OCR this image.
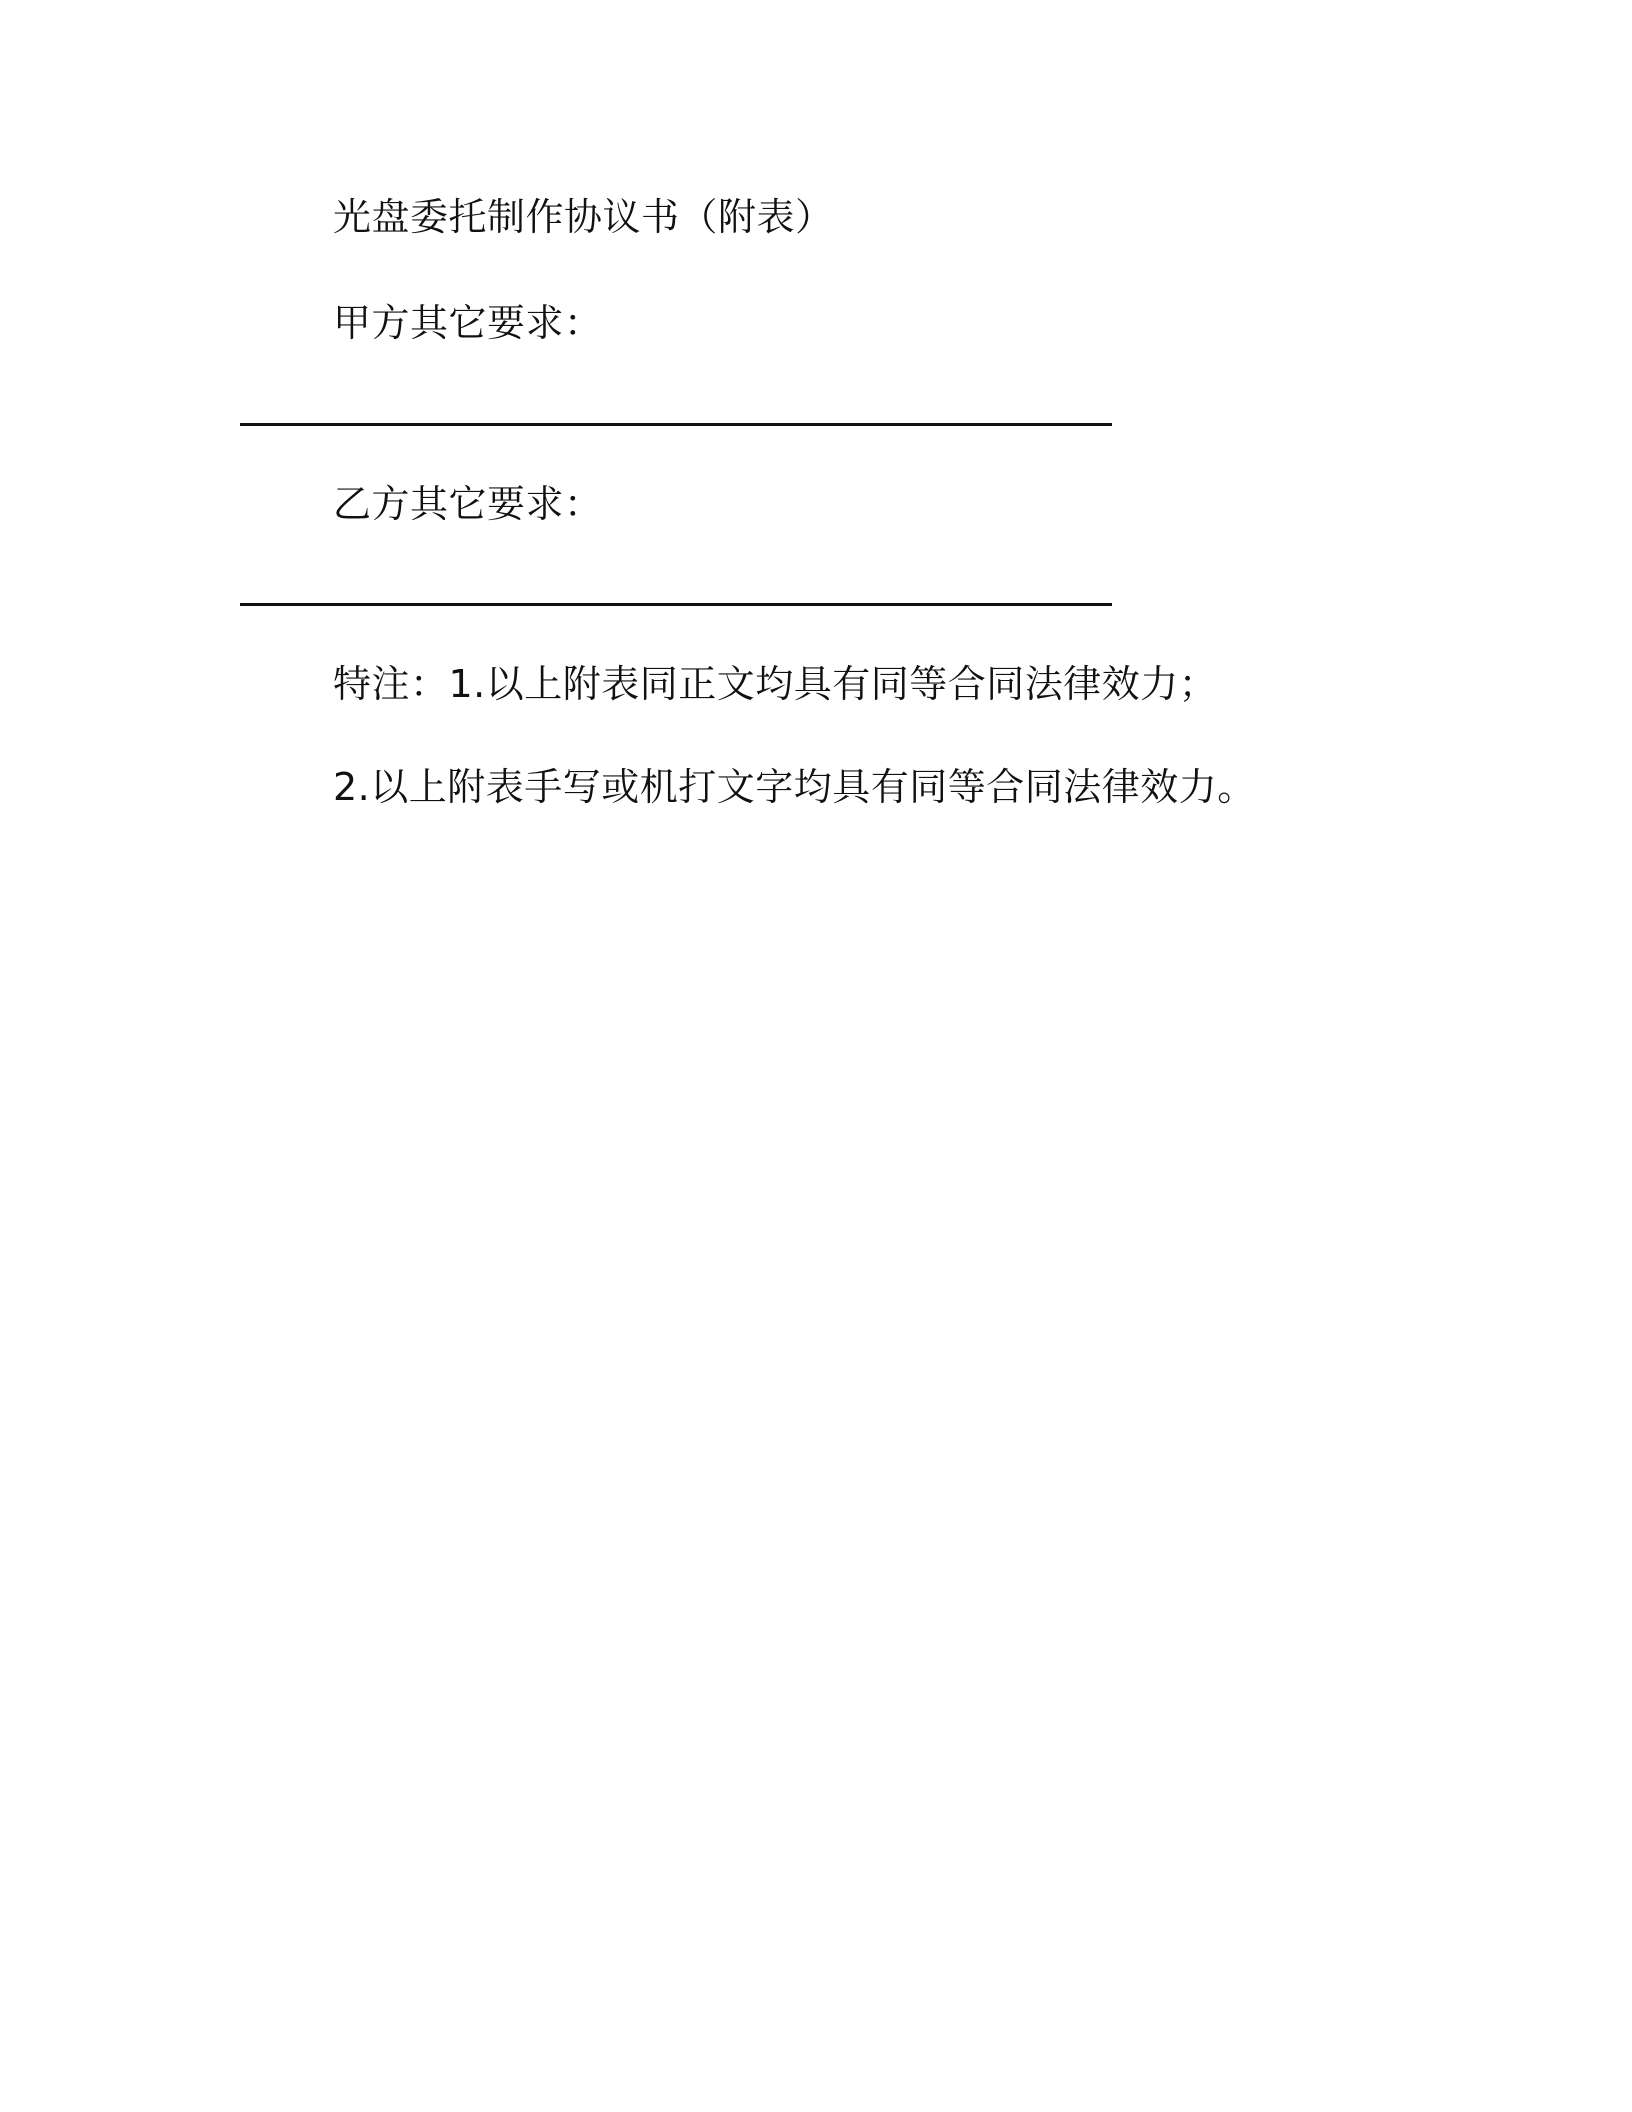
光盘委托制作协议书（附表）
甲方其它要求：
乙方其它要求：
特注：1.以上附表同正文均具有同等合同法律效力；
2.以上附表手写或机打文字均具有同等合同法律效力。
